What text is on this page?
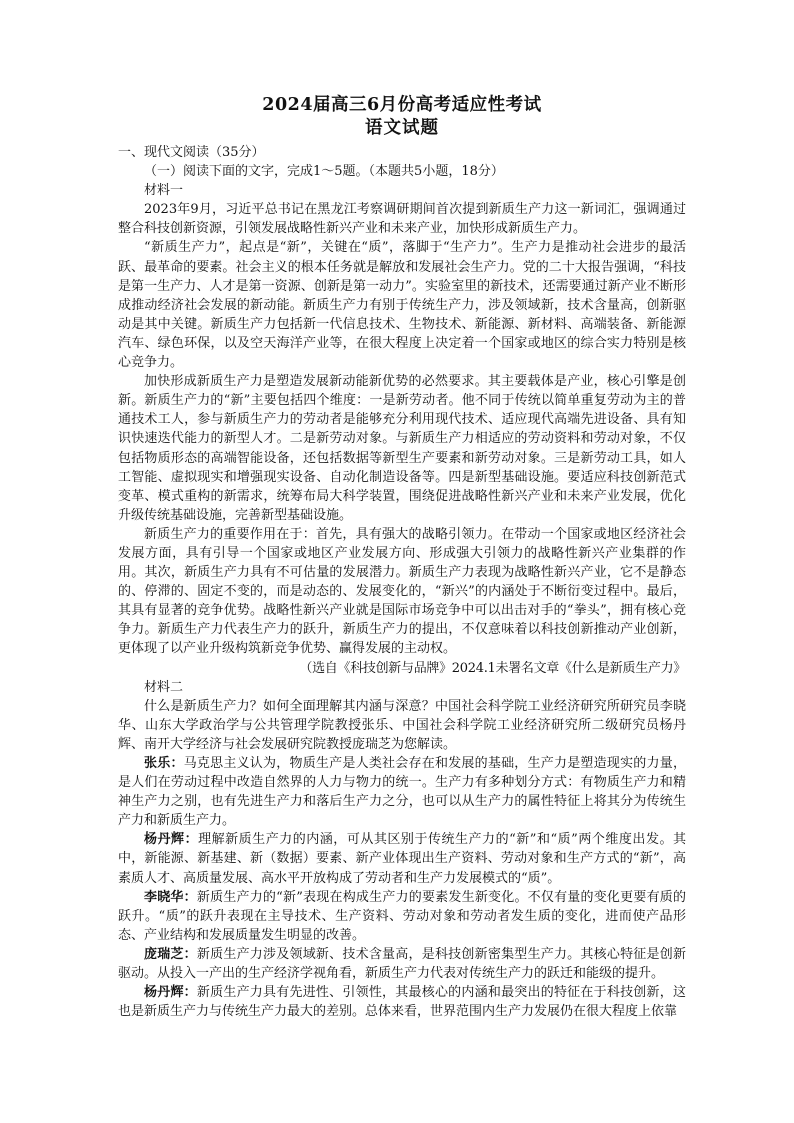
2024届高三6月份高考适应性考试
语文试题

一、现代文阅读（35分）

（一）阅读下面的文字，完成1～5题。（本题共5小题，18分）

材料一

2023年9月，习近平总书记在黑龙江考察调研期间首次提到新质生产力这一新词汇，强调通过整合科技创新资源，引领发展战略性新兴产业和未来产业，加快形成新质生产力。

“新质生产力”，起点是“新”，关键在“质”，落脚于“生产力”。生产力是推动社会进步的最活跃、最革命的要素。社会主义的根本任务就是解放和发展社会生产力。党的二十大报告强调，“科技是第一生产力、人才是第一资源、创新是第一动力”。实验室里的新技术，还需要通过新产业不断形成推动经济社会发展的新动能。新质生产力有别于传统生产力，涉及领域新，技术含量高，创新驱动是其中关键。新质生产力包括新一代信息技术、生物技术、新能源、新材料、高端装备、新能源汽车、绿色环保，以及空天海洋产业等，在很大程度上决定着一个国家或地区的综合实力特别是核心竞争力。

加快形成新质生产力是塑造发展新动能新优势的必然要求。其主要载体是产业，核心引擎是创新。新质生产力的“新”主要包括四个维度：一是新劳动者。他不同于传统以简单重复劳动为主的普通技术工人，参与新质生产力的劳动者是能够充分利用现代技术、适应现代高端先进设备、具有知识快速迭代能力的新型人才。二是新劳动对象。与新质生产力相适应的劳动资料和劳动对象，不仅包括物质形态的高端智能设备，还包括数据等新型生产要素和新劳动对象。三是新劳动工具，如人工智能、虚拟现实和增强现实设备、自动化制造设备等。四是新型基础设施。要适应科技创新范式变革、模式重构的新需求，统筹布局大科学装置，围绕促进战略性新兴产业和未来产业发展，优化升级传统基础设施，完善新型基础设施。

新质生产力的重要作用在于：首先，具有强大的战略引领力。在带动一个国家或地区经济社会发展方面，具有引导一个国家或地区产业发展方向、形成强大引领力的战略性新兴产业集群的作用。其次，新质生产力具有不可估量的发展潜力。新质生产力表现为战略性新兴产业，它不是静态的、停滞的、固定不变的，而是动态的、发展变化的，“新兴”的内涵处于不断衍变过程中。最后，其具有显著的竞争优势。战略性新兴产业就是国际市场竞争中可以出击对手的“拳头”，拥有核心竞争力。新质生产力代表生产力的跃升，新质生产力的提出，不仅意味着以科技创新推动产业创新，更体现了以产业升级构筑新竞争优势、赢得发展的主动权。

（选自《科技创新与品牌》2024.1未署名文章《什么是新质生产力》

材料二

什么是新质生产力？如何全面理解其内涵与深意？中国社会科学院工业经济研究所研究员李晓华、山东大学政治学与公共管理学院教授张乐、中国社会科学院工业经济研究所二级研究员杨丹辉、南开大学经济与社会发展研究院教授庞瑞芝为您解读。

张乐：马克思主义认为，物质生产是人类社会存在和发展的基础，生产力是塑造现实的力量，是人们在劳动过程中改造自然界的人力与物力的统一。生产力有多种划分方式：有物质生产力和精神生产力之别，也有先进生产力和落后生产力之分，也可以从生产力的属性特征上将其分为传统生产力和新质生产力。

杨丹辉：理解新质生产力的内涵，可从其区别于传统生产力的“新”和“质”两个维度出发。其中，新能源、新基建、新（数据）要素、新产业体现出生产资料、劳动对象和生产方式的“新”，高素质人才、高质量发展、高水平开放构成了劳动者和生产力发展模式的“质”。

李晓华：新质生产力的“新”表现在构成生产力的要素发生新变化。不仅有量的变化更要有质的跃升。“质”的跃升表现在主导技术、生产资料、劳动对象和劳动者发生质的变化，进而使产品形态、产业结构和发展质量发生明显的改善。

庞瑞芝：新质生产力涉及领域新、技术含量高，是科技创新密集型生产力。其核心特征是创新驱动。从投入一产出的生产经济学视角看，新质生产力代表对传统生产力的跃迁和能级的提升。

杨丹辉：新质生产力具有先进性、引领性，其最核心的内涵和最突出的特征在于科技创新，这也是新质生产力与传统生产力最大的差别。总体来看，世界范围内生产力发展仍在很大程度上依靠
